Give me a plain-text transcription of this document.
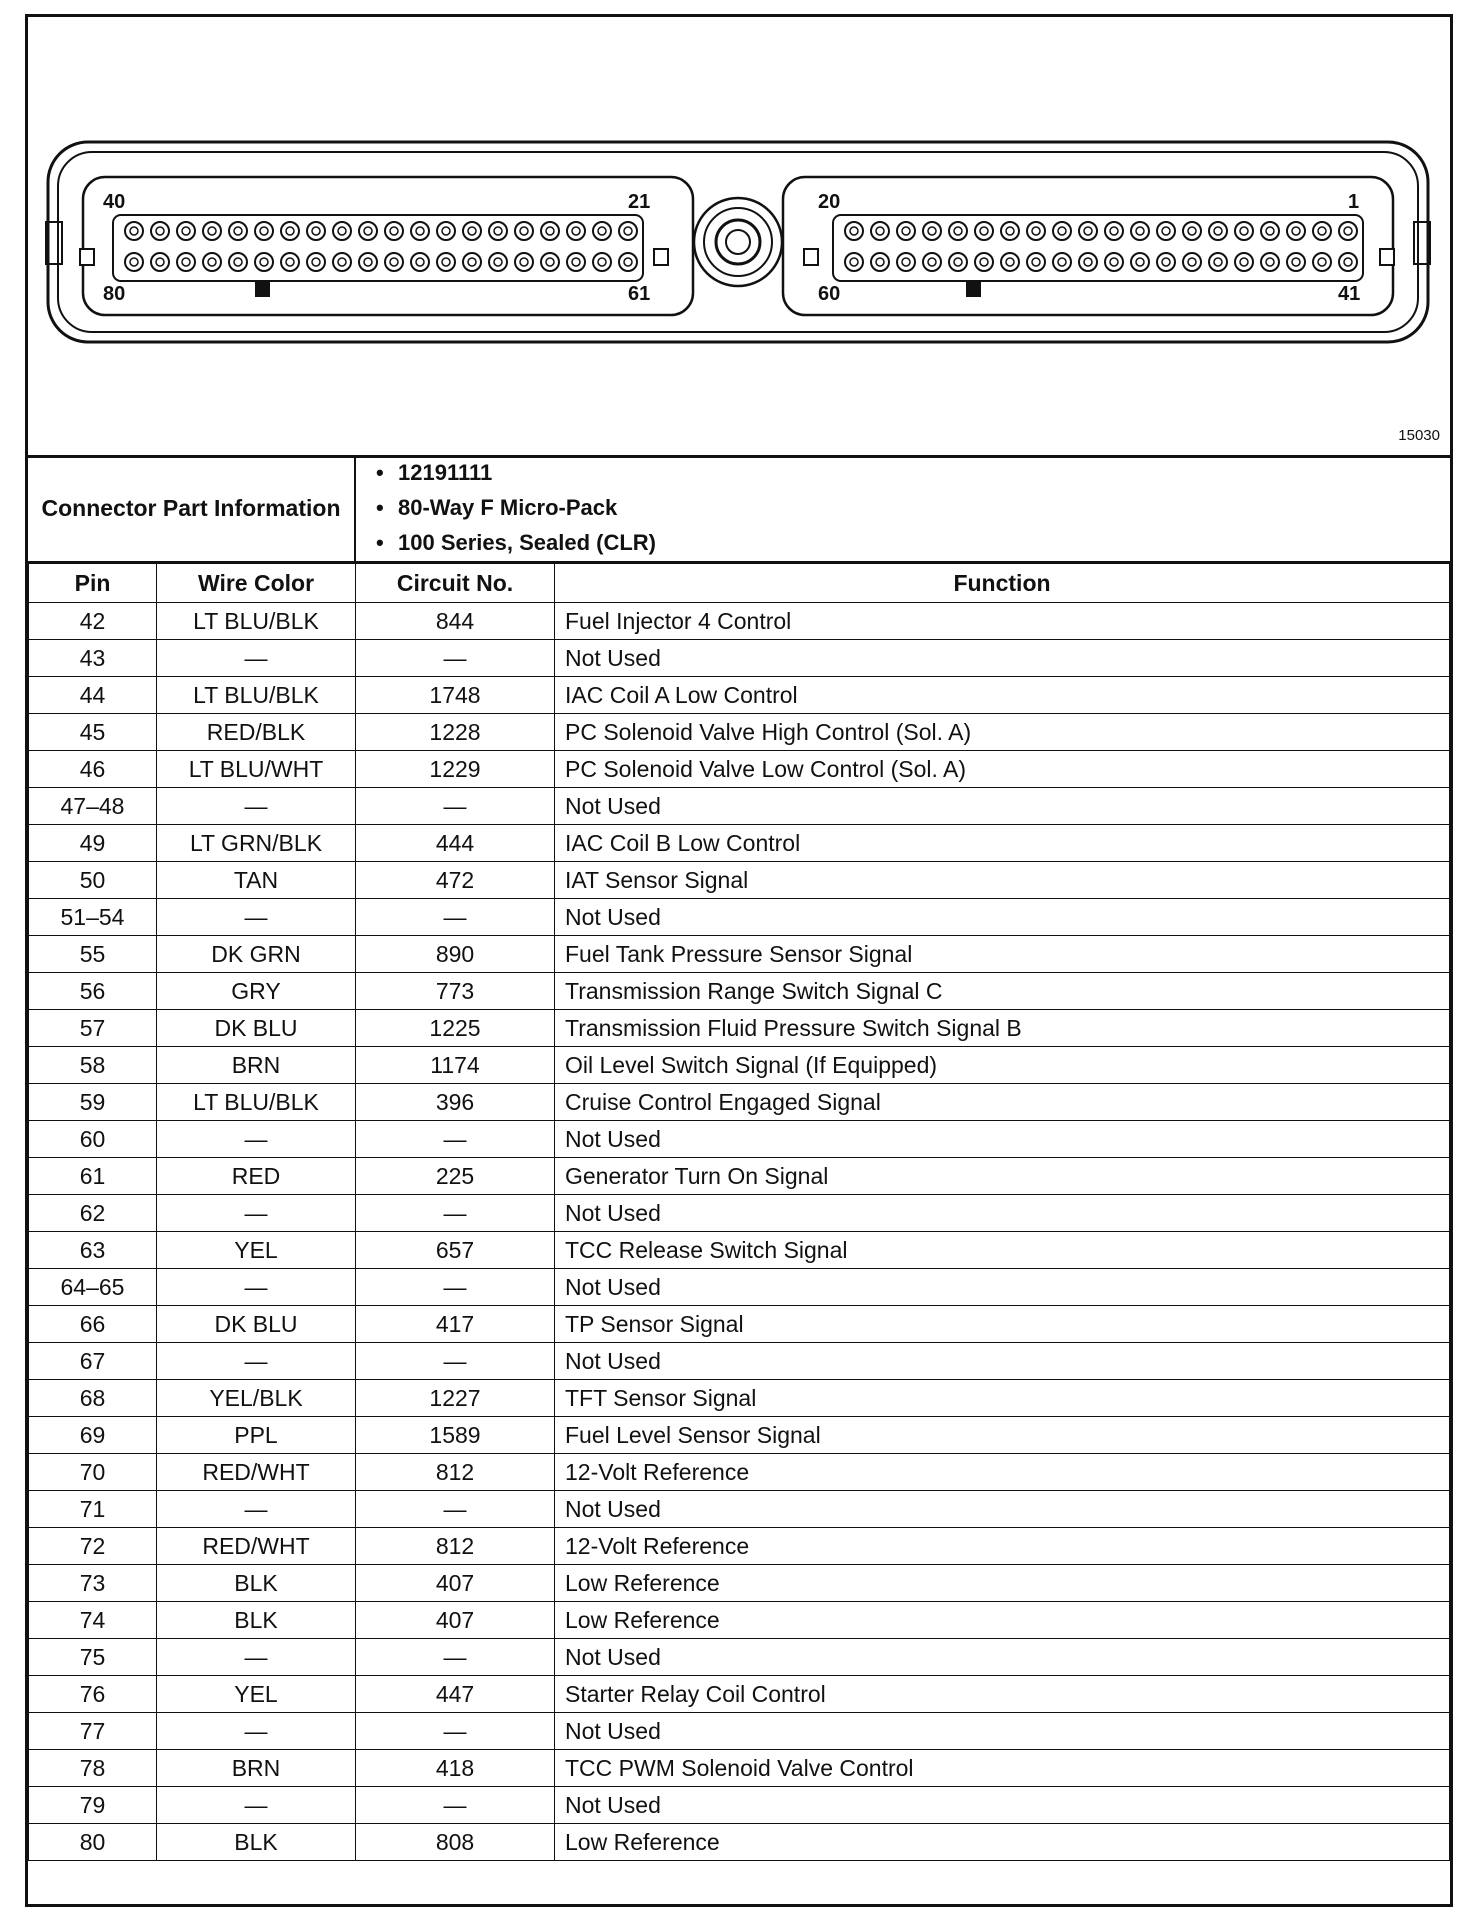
40	21
80	61
20	1
60	41
15030
Connector Part Information
• 12191111
• 80-Way F Micro-Pack
• 100 Series, Sealed (CLR)
Pin	Wire Color	Circuit No.	Function
42	LT BLU/BLK	844	Fuel Injector 4 Control
43	—	—	Not Used
44	LT BLU/BLK	1748	IAC Coil A Low Control
45	RED/BLK	1228	PC Solenoid Valve High Control (Sol. A)
46	LT BLU/WHT	1229	PC Solenoid Valve Low Control (Sol. A)
47–48	—	—	Not Used
49	LT GRN/BLK	444	IAC Coil B Low Control
50	TAN	472	IAT Sensor Signal
51–54	—	—	Not Used
55	DK GRN	890	Fuel Tank Pressure Sensor Signal
56	GRY	773	Transmission Range Switch Signal C
57	DK BLU	1225	Transmission Fluid Pressure Switch Signal B
58	BRN	1174	Oil Level Switch Signal (If Equipped)
59	LT BLU/BLK	396	Cruise Control Engaged Signal
60	—	—	Not Used
61	RED	225	Generator Turn On Signal
62	—	—	Not Used
63	YEL	657	TCC Release Switch Signal
64–65	—	—	Not Used
66	DK BLU	417	TP Sensor Signal
67	—	—	Not Used
68	YEL/BLK	1227	TFT Sensor Signal
69	PPL	1589	Fuel Level Sensor Signal
70	RED/WHT	812	12-Volt Reference
71	—	—	Not Used
72	RED/WHT	812	12-Volt Reference
73	BLK	407	Low Reference
74	BLK	407	Low Reference
75	—	—	Not Used
76	YEL	447	Starter Relay Coil Control
77	—	—	Not Used
78	BRN	418	TCC PWM Solenoid Valve Control
79	—	—	Not Used
80	BLK	808	Low Reference
